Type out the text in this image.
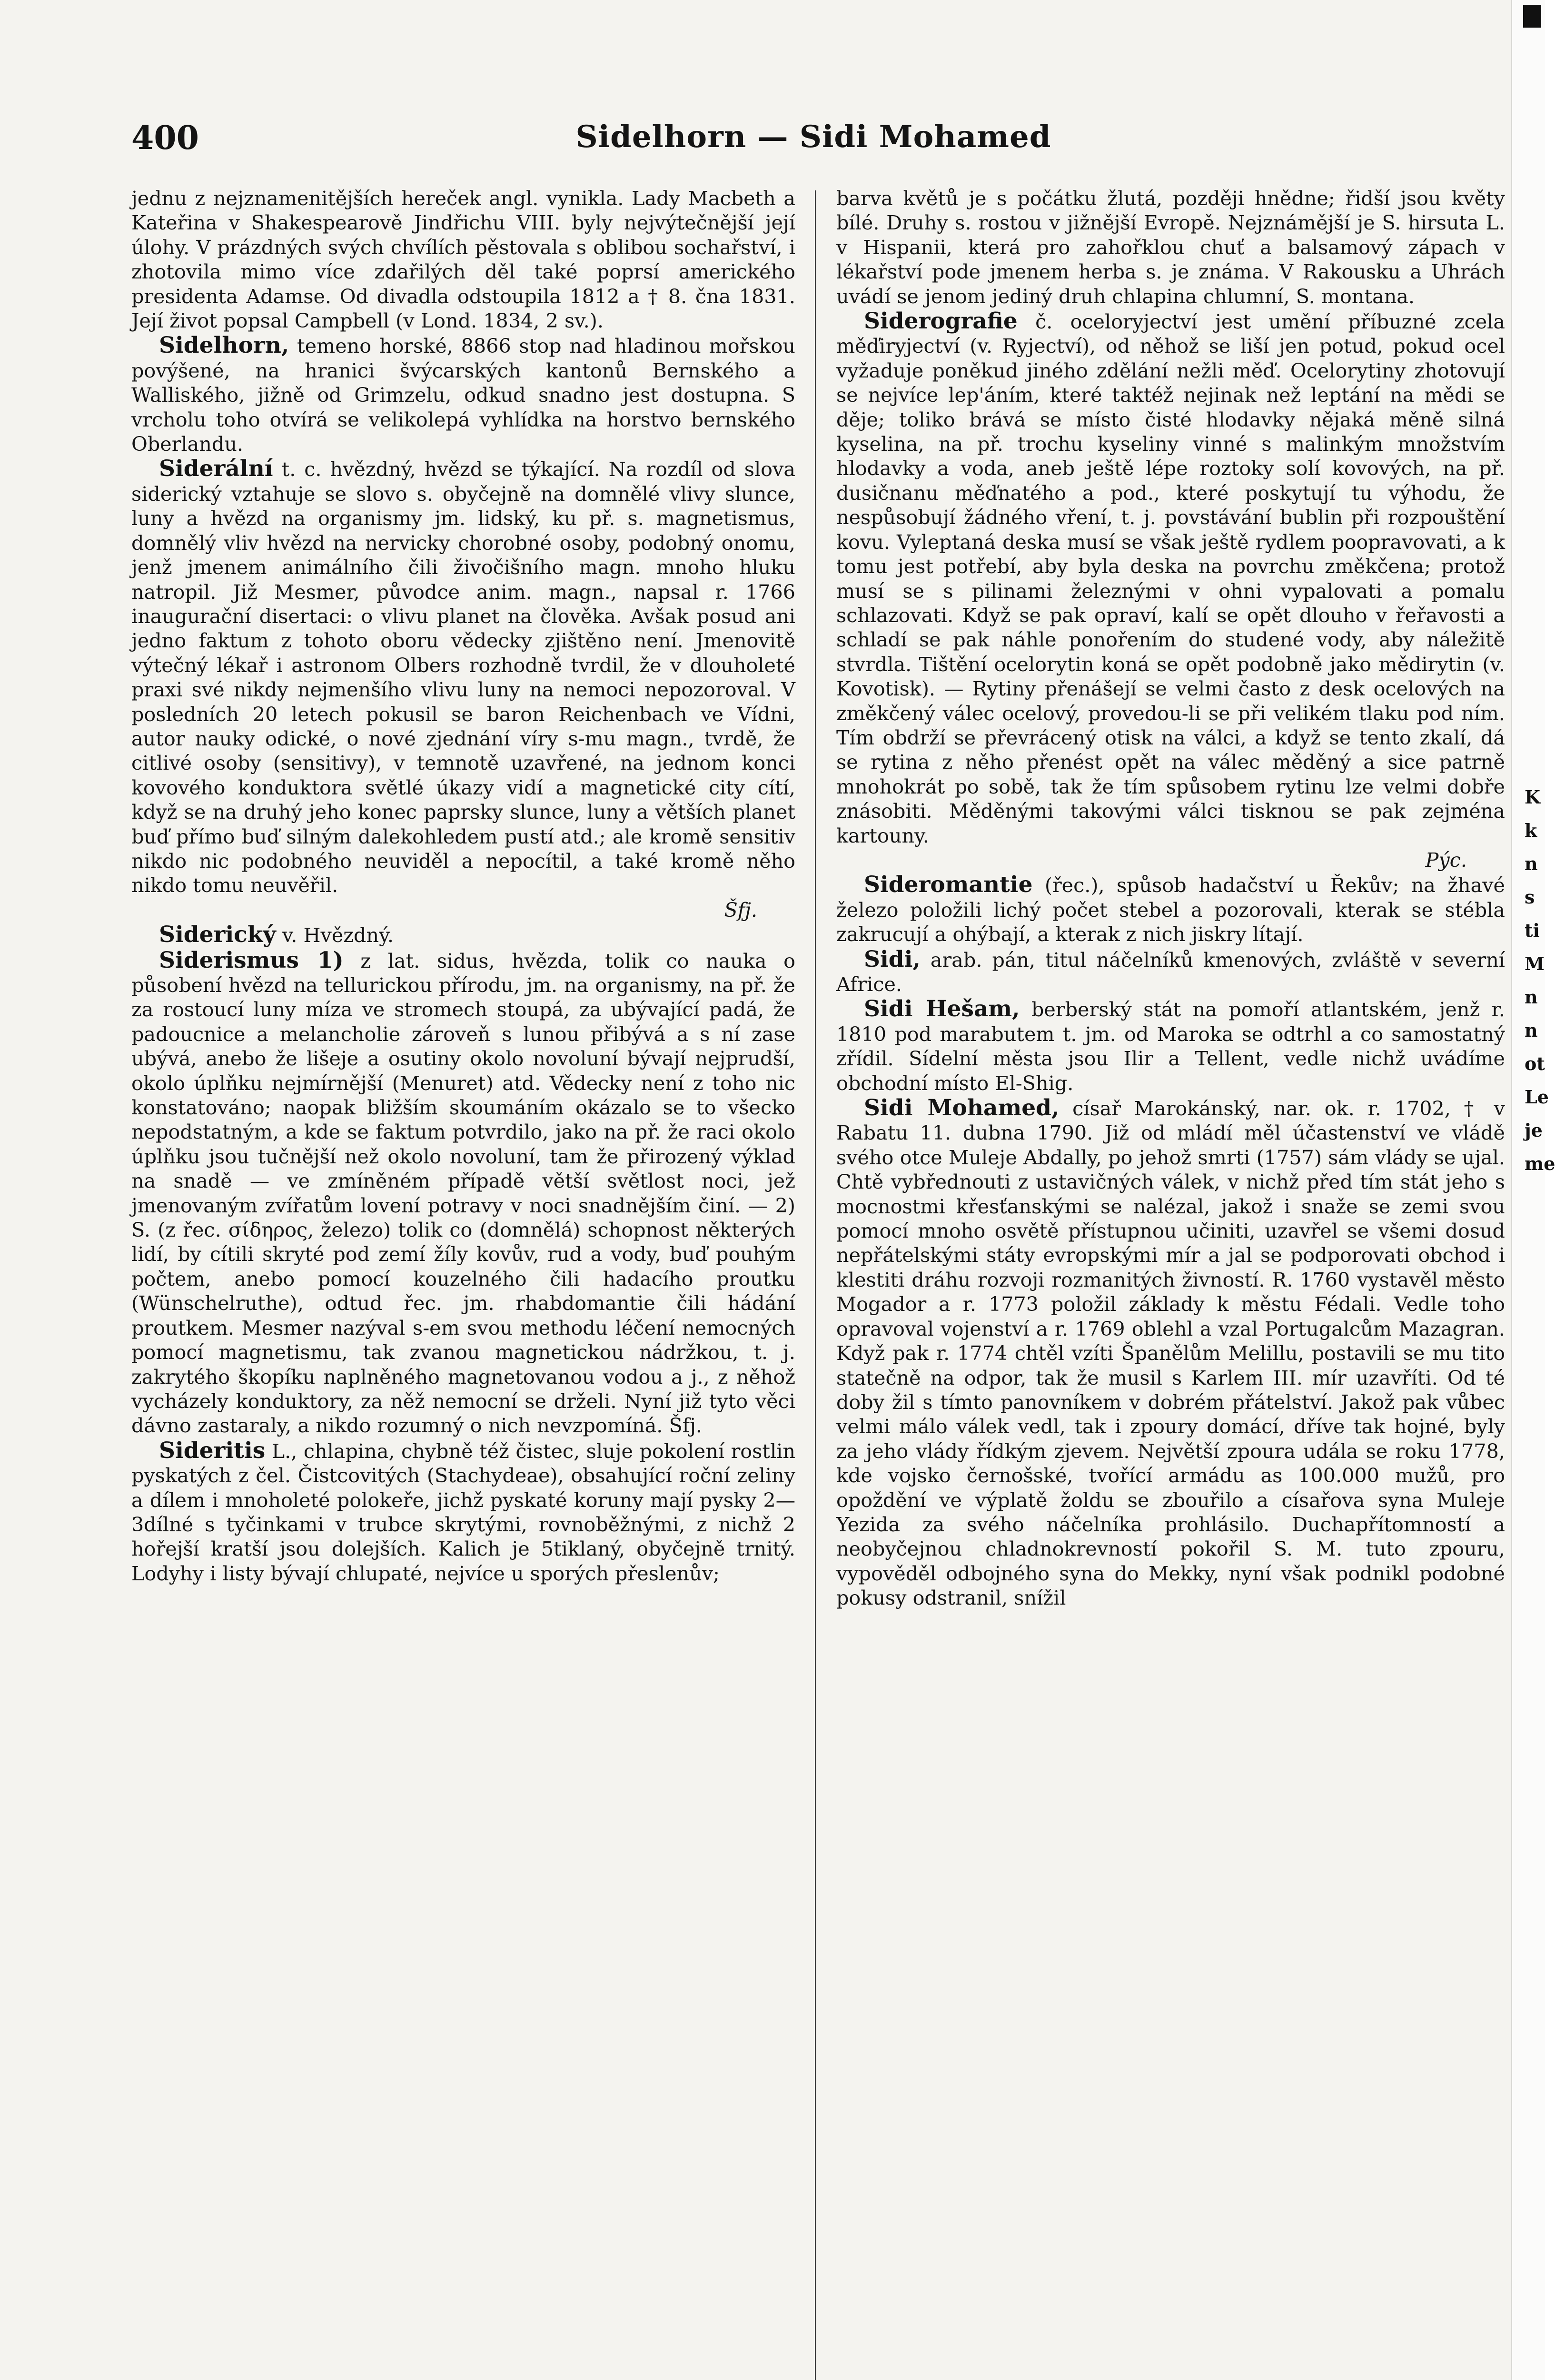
K
k
n
s
ti
M
n
n
ot
Le
je
me
400	Sidelhorn — Sidi Mohamed

jednu z nejznamenitějších hereček angl. vynikla. Lady Macbeth a Kateřina v Shakespearově Jindřichu VIII. byly nejvýtečnější její úlohy. V prázdných svých chvílích pěstovala s oblibou sochařství, i zhotovila mimo více zdařilých děl také poprsí amerického presidenta Adamse. Od divadla odstoupila 1812 a † 8. čna 1831. Její život popsal Campbell (v Lond. 1834, 2 sv.).

Sidelhorn, temeno horské, 8866 stop nad hladinou mořskou povýšené, na hranici švýcarských kantonů Bernského a Walliského, jižně od Grimzelu, odkud snadno jest dostupna. S vrcholu toho otvírá se velikolepá vyhlídka na horstvo bernského Oberlandu.

Siderální t. c. hvězdný, hvězd se týkající. Na rozdíl od slova siderický vztahuje se slovo s. obyčejně na domnělé vlivy slunce, luny a hvězd na organismy jm. lidský, ku př. s. magnetismus, domnělý vliv hvězd na nervicky chorobné osoby, podobný onomu, jenž jmenem animálního čili živočišního magn. mnoho hluku natropil. Již Mesmer, původce anim. magn., napsal r. 1766 inaugurační disertaci: o vlivu planet na člověka. Avšak posud ani jedno faktum z tohoto oboru vědecky zjištěno není. Jmenovitě výtečný lékař i astronom Olbers rozhodně tvrdil, že v dlouholeté praxi své nikdy nejmenšího vlivu luny na nemoci nepozoroval. V posledních 20 letech pokusil se baron Reichenbach ve Vídni, autor nauky odické, o nové zjednání víry s-mu magn., tvrdě, že citlivé osoby (sensitivy), v temnotě uzavřené, na jednom konci kovového konduktora světlé úkazy vidí a magnetické city cítí, když se na druhý jeho konec paprsky slunce, luny a větších planet buď přímo buď silným dalekohledem pustí atd.; ale kromě sensitiv nikdo nic podobného neuviděl a nepocítil, a také kromě něho nikdo tomu neuvěřil.

Šfj.

Siderický v. Hvězdný.

Siderismus 1) z lat. sidus, hvězda, tolik co nauka o působení hvězd na tellurickou přírodu, jm. na organismy, na př. že za rostoucí luny míza ve stromech stoupá, za ubývající padá, že padoucnice a melancholie zároveň s lunou přibývá a s ní zase ubývá, anebo že lišeje a osutiny okolo novoluní bývají nejprudší, okolo úplňku nejmírnější (Menuret) atd. Vědecky není z toho nic konstatováno; naopak bližším skoumáním okázalo se to všecko nepodstatným, a kde se faktum potvrdilo, jako na př. že raci okolo úplňku jsou tučnější než okolo novoluní, tam že přirozený výklad na snadě — ve zmíněném případě větší světlost noci, jež jmenovaným zvířatům lovení potravy v noci snadnějším činí. — 2) S. (z řec. σίδηρος, železo) tolik co (domnělá) schopnost některých lidí, by cítili skryté pod zemí žíly kovův, rud a vody, buď pouhým počtem, anebo pomocí kouzelného čili hadacího proutku (Wünschelruthe), odtud řec. jm. rhabdomantie čili hádání proutkem. Mesmer nazýval s-em svou methodu léčení nemocných pomocí magnetismu, tak zvanou magnetickou nádržkou, t. j. zakrytého škopíku naplněného magnetovanou vodou a j., z něhož vycházely konduktory, za něž nemocní se drželi. Nyní již tyto věci dávno zastaraly, a nikdo rozumný o nich nevzpomíná. Šfj.

Sideritis L., chlapina, chybně též čistec, sluje pokolení rostlin pyskatých z čel. Čistcovitých (Stachydeae), obsahující roční zeliny a dílem i mnoholeté polokeře, jichž pyskaté koruny mají pysky 2—3dílné s tyčinkami v trubce skrytými, rovnoběžnými, z nichž 2 hořejší kratší jsou dolejších. Kalich je 5tiklaný, obyčejně trnitý. Lodyhy i listy bývají chlupaté, nejvíce u sporých přeslenův;

barva květů je s počátku žlutá, později hnědne; řidší jsou květy bílé. Druhy s. rostou v jižnější Evropě. Nejznámější je S. hirsuta L. v Hispanii, která pro zahořklou chuť a balsamový zápach v lékařství pode jmenem herba s. je známa. V Rakousku a Uhrách uvádí se jenom jediný druh chlapina chlumní, S. montana.

Siderografie č. oceloryjectví jest umění příbuzné zcela měďiryjectví (v. Ryjectví), od něhož se liší jen potud, pokud ocel vyžaduje poněkud jiného zdělání nežli měď. Ocelorytiny zhotovují se nejvíce lep'áním, které taktéž nejinak než leptání na mědi se děje; toliko brává se místo čisté hlodavky nějaká měně silná kyselina, na př. trochu kyseliny vinné s malinkým množstvím hlodavky a voda, aneb ještě lépe roztoky solí kovových, na př. dusičnanu měďnatého a pod., které poskytují tu výhodu, že nespůsobují žádného vření, t. j. povstávání bublin při rozpouštění kovu. Vyleptaná deska musí se však ještě rydlem poopravovati, a k tomu jest potřebí, aby byla deska na povrchu změkčena; protož musí se s pilinami železnými v ohni vypalovati a pomalu schlazovati. Když se pak opraví, kalí se opět dlouho v řeřavosti a schladí se pak náhle ponořením do studené vody, aby náležitě stvrdla. Tištění ocelorytin koná se opět podobně jako mědirytin (v. Kovotisk). — Rytiny přenášejí se velmi často z desk ocelových na změkčený válec ocelový, provedou-li se při velikém tlaku pod ním. Tím obdrží se převrácený otisk na válci, a když se tento zkalí, dá se rytina z něho přenést opět na válec měděný a sice patrně mnohokrát po sobě, tak že tím spůsobem rytinu lze velmi dobře znásobiti. Měděnými takovými válci tisknou se pak zejména kartouny.

Pýc.

Sideromantie (řec.), spůsob hadačství u Řekův; na žhavé železo položili lichý počet stebel a pozorovali, kterak se stébla zakrucují a ohýbají, a kterak z nich jiskry lítají.

Sidi, arab. pán, titul náčelníků kmenových, zvláště v severní Africe.

Sidi Hešam, berberský stát na pomoří atlantském, jenž r. 1810 pod marabutem t. jm. od Maroka se odtrhl a co samostatný zřídil. Sídelní města jsou Ilir a Tellent, vedle nichž uvádíme obchodní místo El-Shig.

Sidi Mohamed, císař Marokánský, nar. ok. r. 1702, † v Rabatu 11. dubna 1790. Již od mládí měl účastenství ve vládě svého otce Muleje Abdally, po jehož smrti (1757) sám vlády se ujal. Chtě vybřednouti z ustavičných válek, v nichž před tím stát jeho s mocnostmi křesťanskými se nalézal, jakož i snaže se zemi svou pomocí mnoho osvětě přístupnou učiniti, uzavřel se všemi dosud nepřátelskými státy evropskými mír a jal se podporovati obchod i klestiti dráhu rozvoji rozmanitých živností. R. 1760 vystavěl město Mogador a r. 1773 položil základy k městu Fédali. Vedle toho opravoval vojenství a r. 1769 oblehl a vzal Portugalcům Mazagran. Když pak r. 1774 chtěl vzíti Španělům Melillu, postavili se mu tito statečně na odpor, tak že musil s Karlem III. mír uzavříti. Od té doby žil s tímto panovníkem v dobrém přátelství. Jakož pak vůbec velmi málo válek vedl, tak i zpoury domácí, dříve tak hojné, byly za jeho vlády řídkým zjevem. Největší zpoura udála se roku 1778, kde vojsko černošské, tvořící armádu as 100.000 mužů, pro opoždění ve výplatě žoldu se zbouřilo a císařova syna Muleje Yezida za svého náčelníka prohlásilo. Duchapřítomností a neobyčejnou chladnokrevností pokořil S. M. tuto zpouru, vypověděl odbojného syna do Mekky, nyní však podnikl podobné pokusy odstranil, snížil
